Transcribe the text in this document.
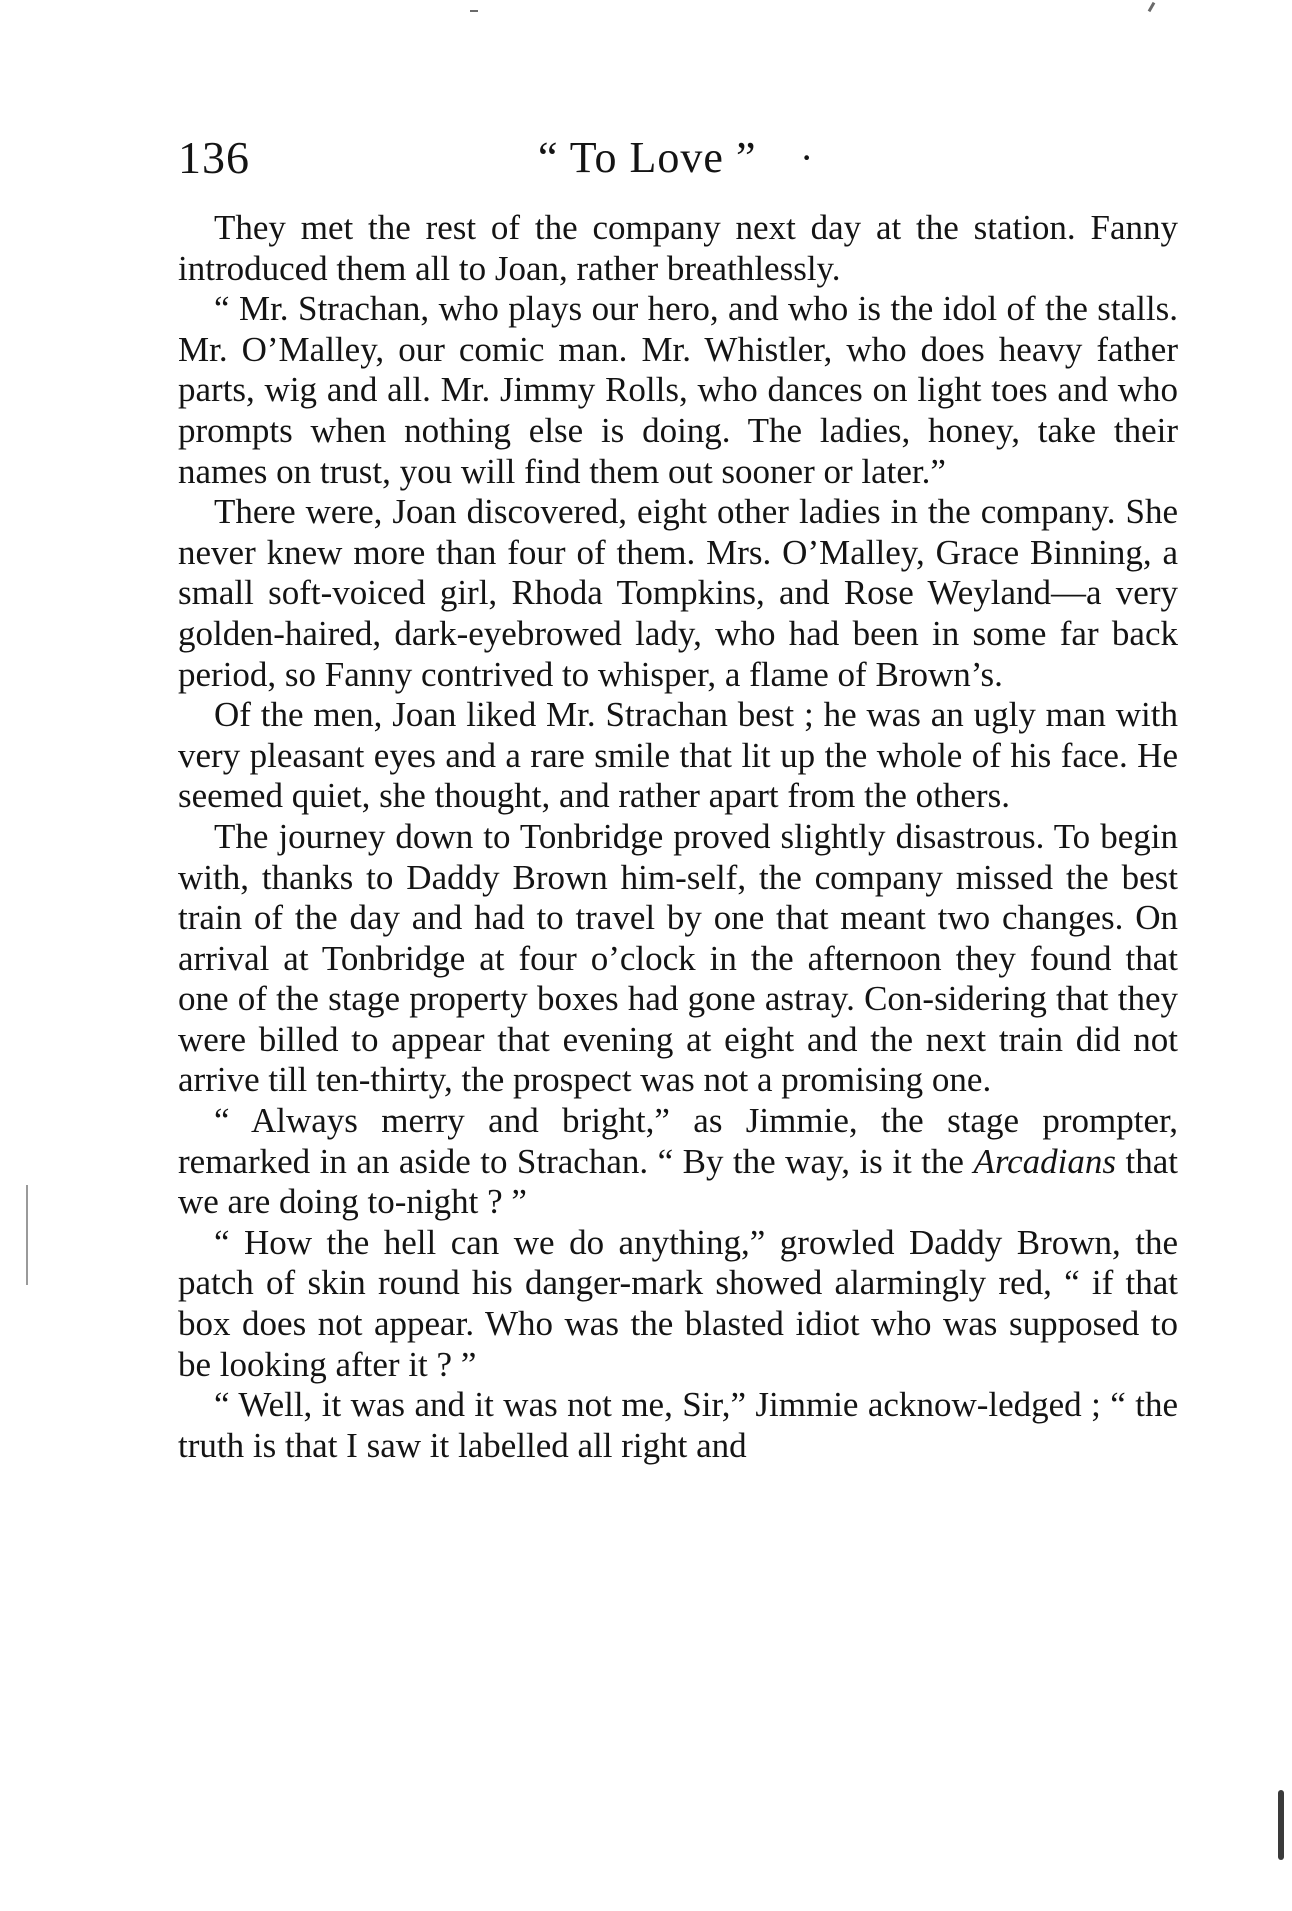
136	“ To Love ” ·

They met the rest of the company next day at the station. Fanny introduced them all to Joan, rather breathlessly.

“ Mr. Strachan, who plays our hero, and who is the idol of the stalls. Mr. O’Malley, our comic man. Mr. Whistler, who does heavy father parts, wig and all. Mr. Jimmy Rolls, who dances on light toes and who prompts when nothing else is doing. The ladies, honey, take their names on trust, you will find them out sooner or later.”

There were, Joan discovered, eight other ladies in the company. She never knew more than four of them. Mrs. O’Malley, Grace Binning, a small soft-voiced girl, Rhoda Tompkins, and Rose Weyland—a very golden-haired, dark-eyebrowed lady, who had been in some far back period, so Fanny contrived to whisper, a flame of Brown’s.

Of the men, Joan liked Mr. Strachan best ; he was an ugly man with very pleasant eyes and a rare smile that lit up the whole of his face. He seemed quiet, she thought, and rather apart from the others.

The journey down to Tonbridge proved slightly disastrous. To begin with, thanks to Daddy Brown him-self, the company missed the best train of the day and had to travel by one that meant two changes. On arrival at Tonbridge at four o’clock in the afternoon they found that one of the stage property boxes had gone astray. Con-sidering that they were billed to appear that evening at eight and the next train did not arrive till ten-thirty, the prospect was not a promising one.

“ Always merry and bright,” as Jimmie, the stage prompter, remarked in an aside to Strachan. “ By the way, is it the Arcadians that we are doing to-night ? ”

“ How the hell can we do anything,” growled Daddy Brown, the patch of skin round his danger-mark showed alarmingly red, “ if that box does not appear. Who was the blasted idiot who was supposed to be looking after it ? ”

“ Well, it was and it was not me, Sir,” Jimmie acknow-ledged ; “ the truth is that I saw it labelled all right and
